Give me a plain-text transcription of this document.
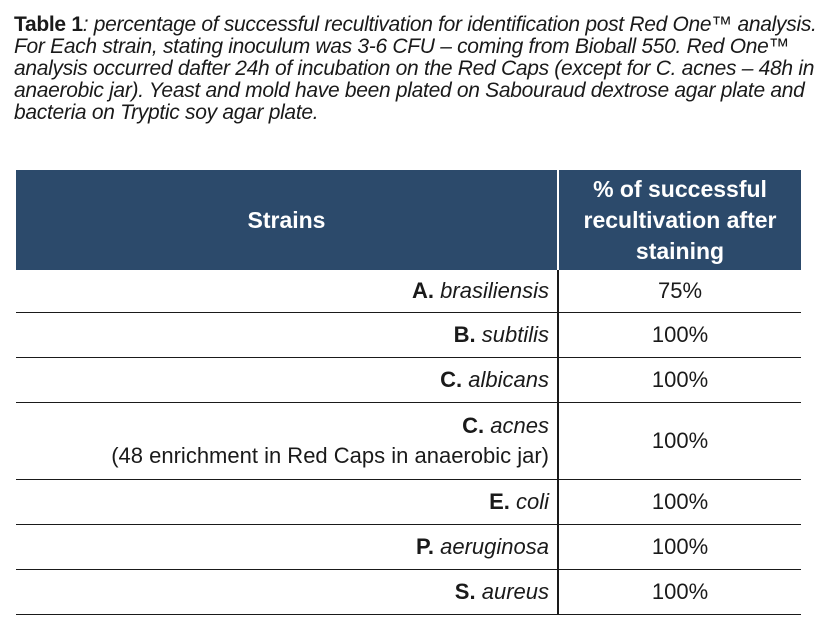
Table 1: percentage of successful recultivation for identification post Red One™ analysis. For Each strain, stating inoculum was 3-6 CFU – coming from Bioball 550. Red One™ analysis occurred dafter 24h of incubation on the Red Caps (except for C. acnes – 48h in anaerobic jar). Yeast and mold have been plated on Sabouraud dextrose agar plate and bacteria on Tryptic soy agar plate.
Strains	% of successful recultivation after staining
A. brasiliensis	75%
B. subtilis	100%
C. albicans	100%
C. acnes
(48 enrichment in Red Caps in anaerobic jar)	100%
E. coli	100%
P. aeruginosa	100%
S. aureus	100%
